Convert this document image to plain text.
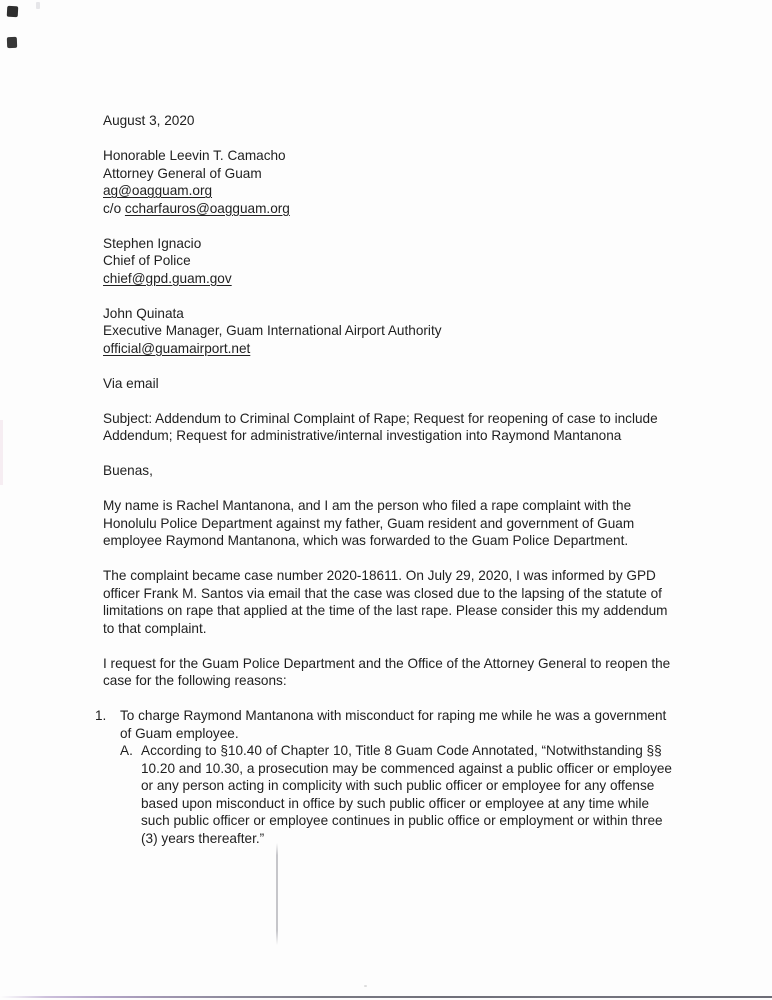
August 3, 2020

Honorable Leevin T. Camacho
Attorney General of Guam
ag@oagguam.org
c/o ccharfauros@oagguam.org
Stephen Ignacio
Chief of Police
chief@gpd.guam.gov
John Quinata
Executive Manager, Guam International Airport Authority
official@guamairport.net

Via email

Subject: Addendum to Criminal Complaint of Rape; Request for reopening of case to include Addendum; Request for administrative/internal investigation into Raymond Mantanona

Buenas,

My name is Rachel Mantanona, and I am the person who filed a rape complaint with the Honolulu Police Department against my father, Guam resident and government of Guam employee Raymond Mantanona, which was forwarded to the Guam Police Department.

The complaint became case number 2020-18611. On July 29, 2020, I was informed by GPD officer Frank M. Santos via email that the case was closed due to the lapsing of the statute of limitations on rape that applied at the time of the last rape. Please consider this my addendum to that complaint.

I request for the Guam Police Department and the Office of the Attorney General to reopen the case for the following reasons:

1.	To charge Raymond Mantanona with misconduct for raping me while he was a government of Guam employee.

A. According to §10.40 of Chapter 10, Title 8 Guam Code Annotated, “Notwithstanding §§ 10.20 and 10.30, a prosecution may be commenced against a public officer or employee or any person acting in complicity with such public officer or employee for any offense based upon misconduct in office by such public officer or employee at any time while such public officer or employee continues in public office or employment or within three (3) years thereafter.”
